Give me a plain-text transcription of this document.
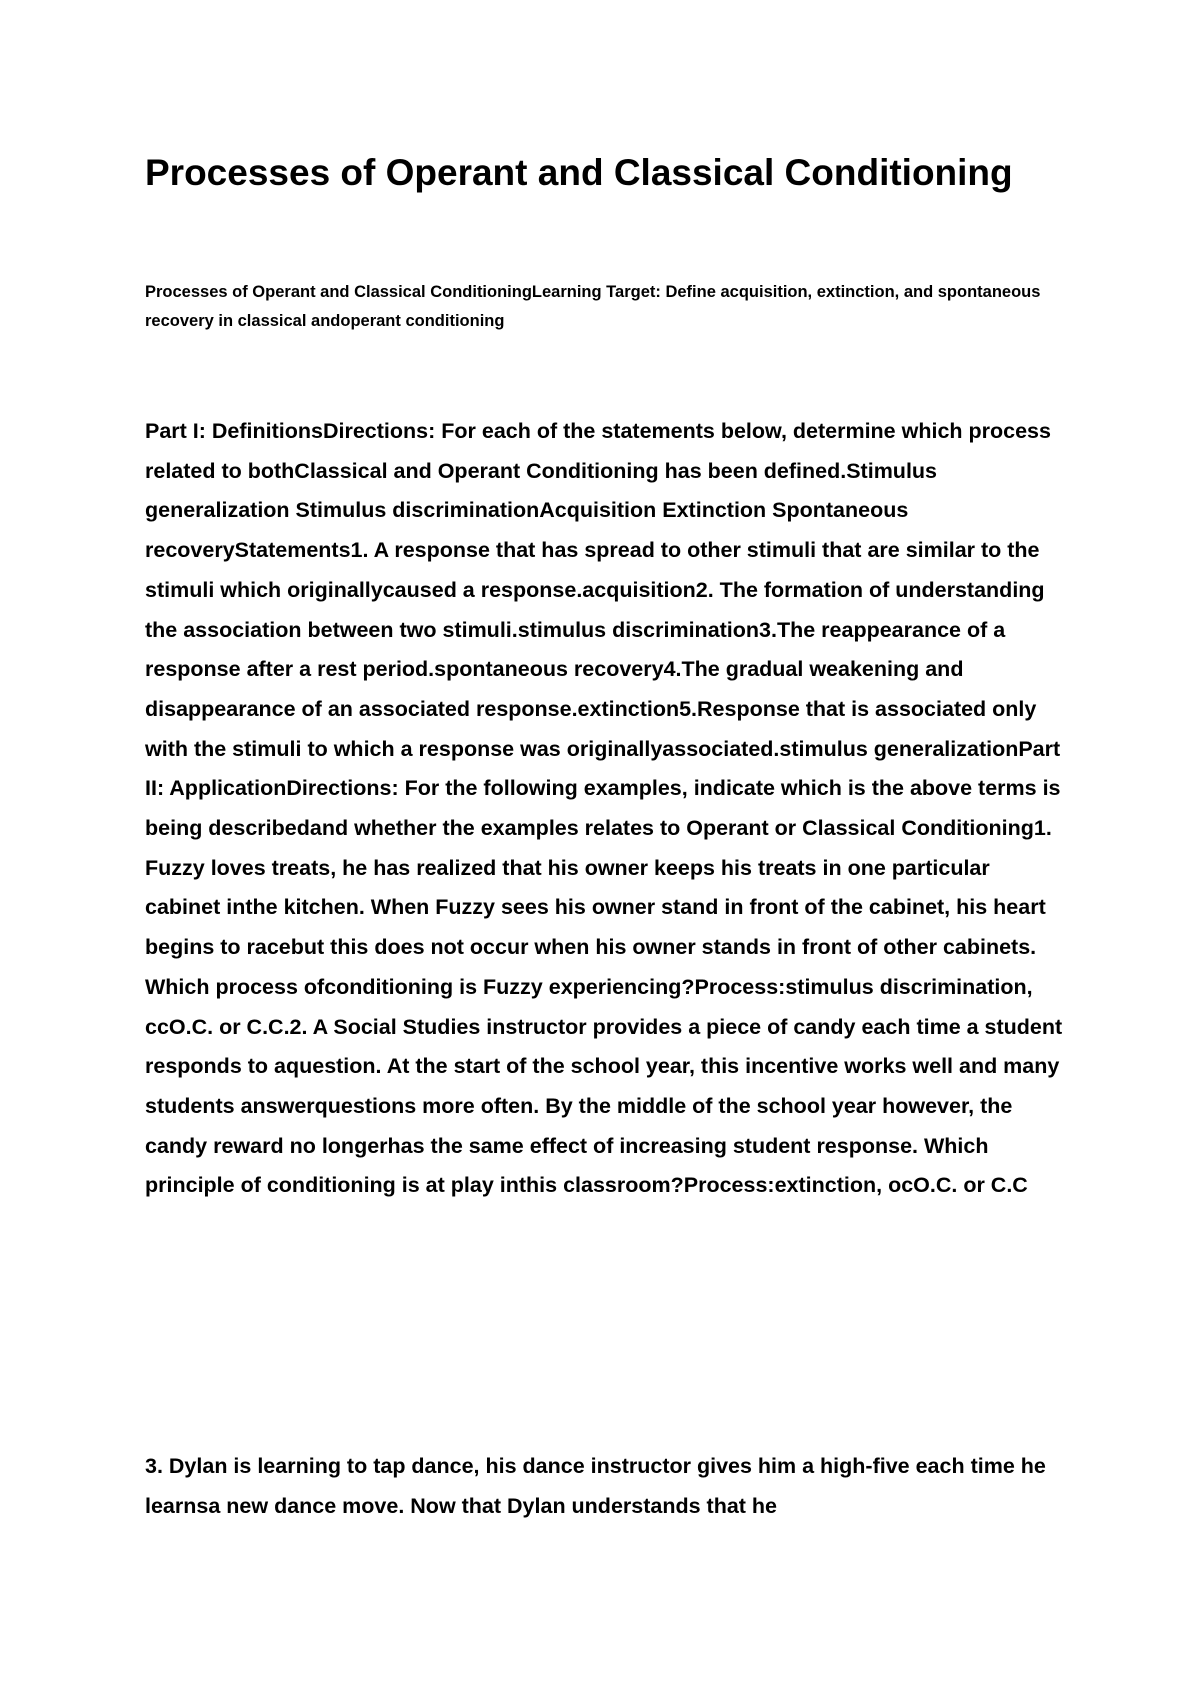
Processes of Operant and Classical Conditioning

Processes of Operant and Classical ConditioningLearning Target: Define acquisition, extinction, and spontaneous recovery in classical andoperant conditioning

Part I: DefinitionsDirections: For each of the statements below, determine which process related to bothClassical and Operant Conditioning has been defined.Stimulus generalization Stimulus discriminationAcquisition Extinction Spontaneous recoveryStatements1. A response that has spread to other stimuli that are similar to the stimuli which originallycaused a response.acquisition2. The formation of understanding the association between two stimuli.stimulus discrimination3.The reappearance of a response after a rest period.spontaneous recovery4.The gradual weakening and disappearance of an associated response.extinction5.Response that is associated only with the stimuli to which a response was originallyassociated.stimulus generalizationPart II: ApplicationDirections: For the following examples, indicate which is the above terms is being describedand whether the examples relates to Operant or Classical Conditioning1. Fuzzy loves treats, he has realized that his owner keeps his treats in one particular cabinet inthe kitchen. When Fuzzy sees his owner stand in front of the cabinet, his heart begins to racebut this does not occur when his owner stands in front of other cabinets. Which process ofconditioning is Fuzzy experiencing?Process:stimulus discrimination, ccO.C. or C.C.2. A Social Studies instructor provides a piece of candy each time a student responds to aquestion. At the start of the school year, this incentive works well and many students answerquestions more often. By the middle of the school year however, the candy reward no longerhas the same effect of increasing student response. Which principle of conditioning is at play inthis classroom?Process:extinction, ocO.C. or C.C

3. Dylan is learning to tap dance, his dance instructor gives him a high-five each time he learnsa new dance move. Now that Dylan understands that he
